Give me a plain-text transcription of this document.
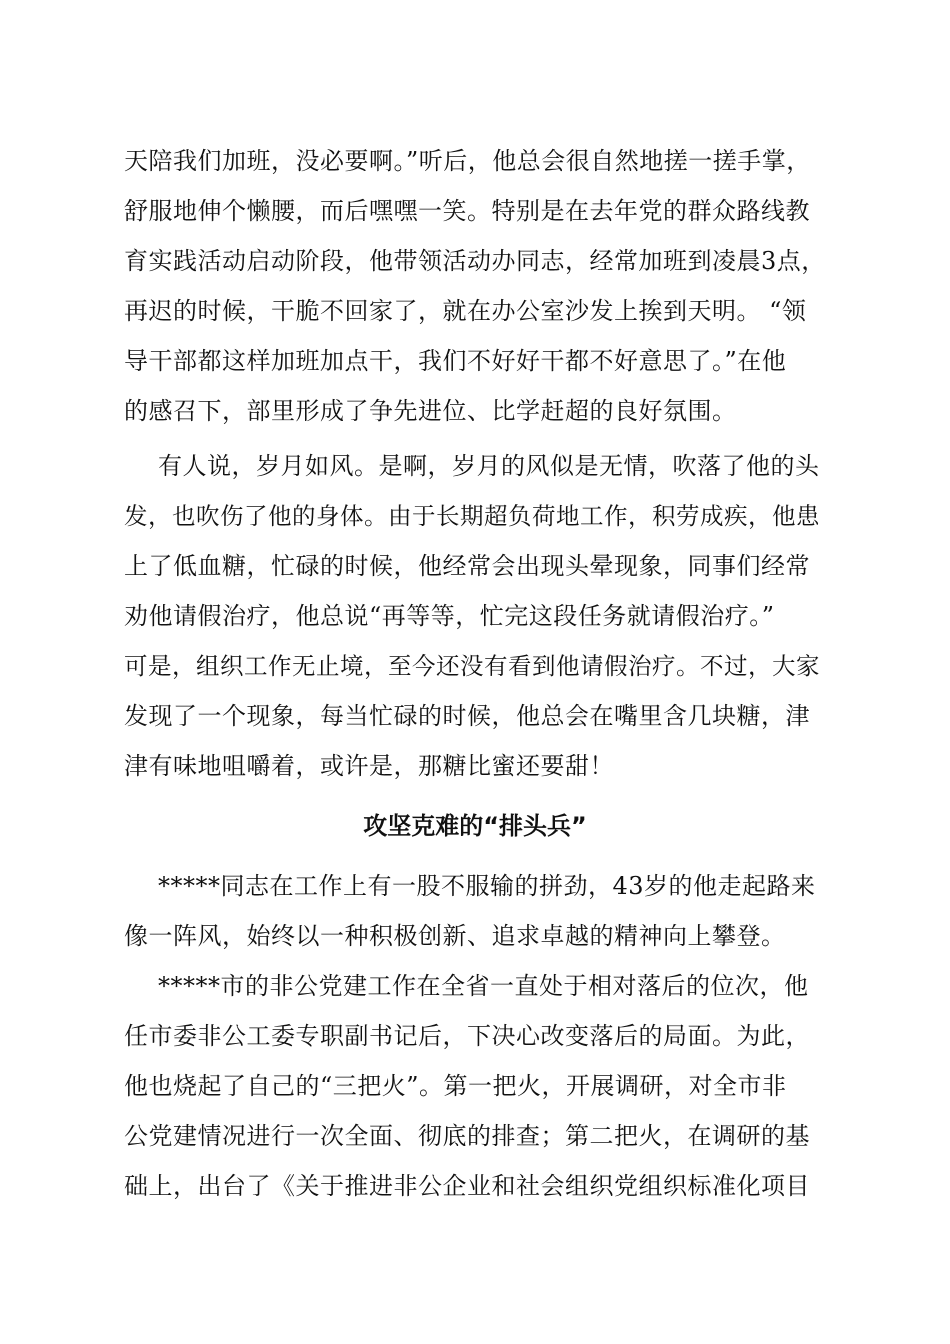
天陪我们加班，没必要啊。”听后，他总会很自然地搓一搓手掌，
舒服地伸个懒腰，而后嘿嘿一笑。特别是在去年党的群众路线教
育实践活动启动阶段，他带领活动办同志，经常加班到凌晨3点，
再迟的时候，干脆不回家了，就在办公室沙发上挨到天明。 “领
导干部都这样加班加点干，我们不好好干都不好意思了。”在他
的感召下，部里形成了争先进位、比学赶超的良好氛围。
有人说，岁月如风。是啊，岁月的风似是无情，吹落了他的头
发，也吹伤了他的身体。由于长期超负荷地工作，积劳成疾，他患
上了低血糖，忙碌的时候，他经常会出现头晕现象，同事们经常
劝他请假治疗，他总说“再等等，忙完这段任务就请假治疗。”
可是，组织工作无止境，至今还没有看到他请假治疗。不过，大家
发现了一个现象，每当忙碌的时候，他总会在嘴里含几块糖，津
津有味地咀嚼着，或许是，那糖比蜜还要甜！
攻坚克难的“排头兵”
*****同志在工作上有一股不服输的拼劲，43岁的他走起路来
像一阵风，始终以一种积极创新、追求卓越的精神向上攀登。
*****市的非公党建工作在全省一直处于相对落后的位次，他
任市委非公工委专职副书记后，下决心改变落后的局面。为此，
他也烧起了自己的“三把火”。第一把火，开展调研，对全市非
公党建情况进行一次全面、彻底的排查；第二把火，在调研的基
础上，出台了《关于推进非公企业和社会组织党组织标准化项目
